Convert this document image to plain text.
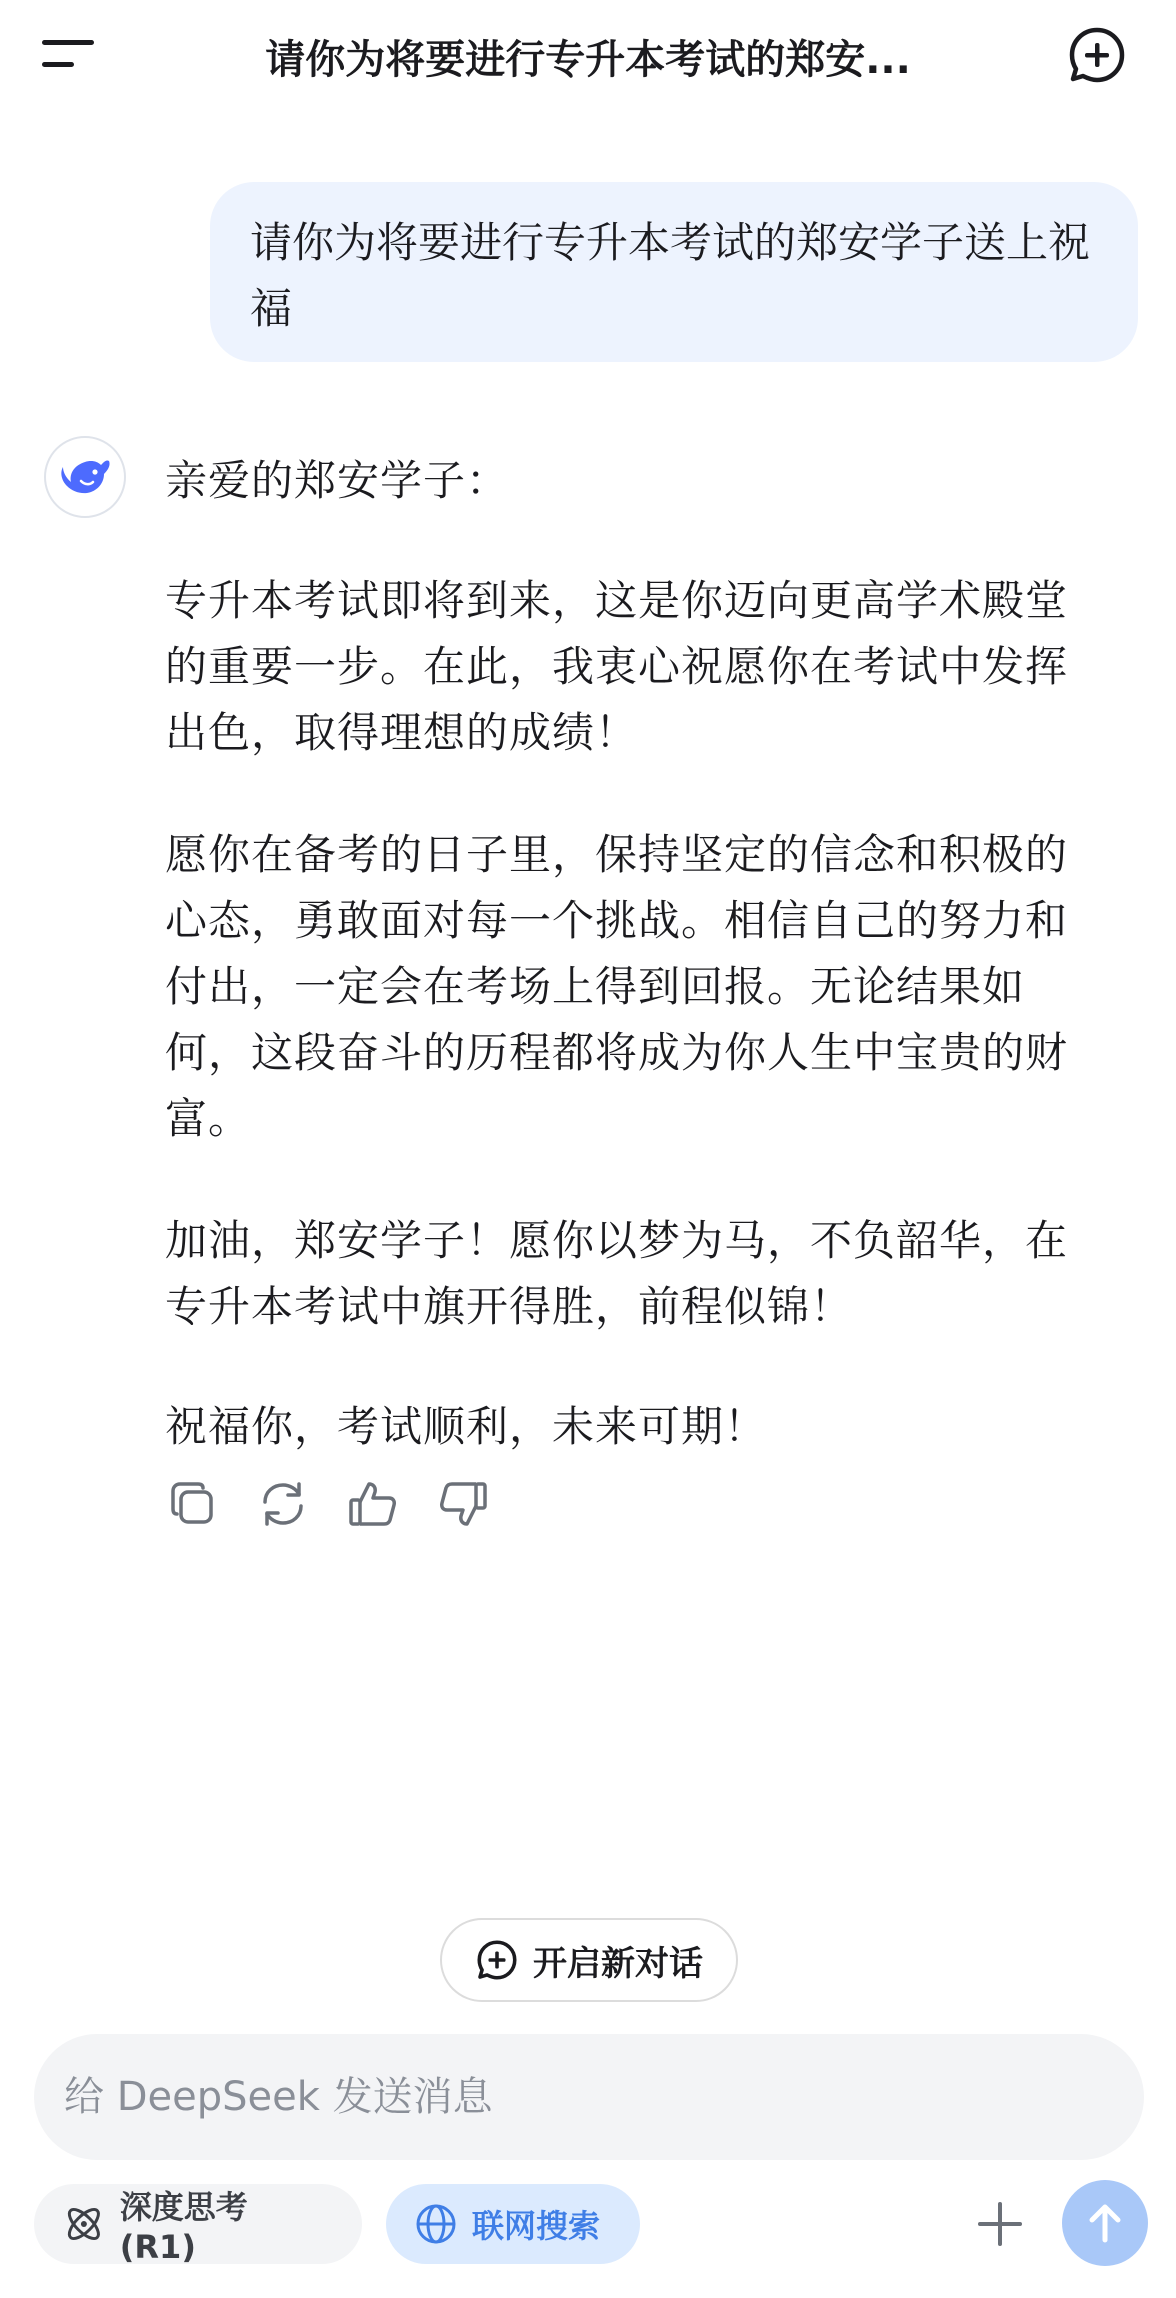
请你为将要进行专升本考试的郑安...
请你为将要进行专升本考试的郑安学子送上祝福

亲爱的郑安学子：

专升本考试即将到来，这是你迈向更高学术殿堂的重要一步。在此，我衷心祝愿你在考试中发挥出色，取得理想的成绩！

愿你在备考的日子里，保持坚定的信念和积极的心态，勇敢面对每一个挑战。相信自己的努力和付出，一定会在考场上得到回报。无论结果如何，这段奋斗的历程都将成为你人生中宝贵的财富。

加油，郑安学子！愿你以梦为马，不负韶华，在专升本考试中旗开得胜，前程似锦！

祝福你，考试顺利，未来可期！

开启新对话
给 DeepSeek 发送消息
深度思考 (R1)
联网搜索
